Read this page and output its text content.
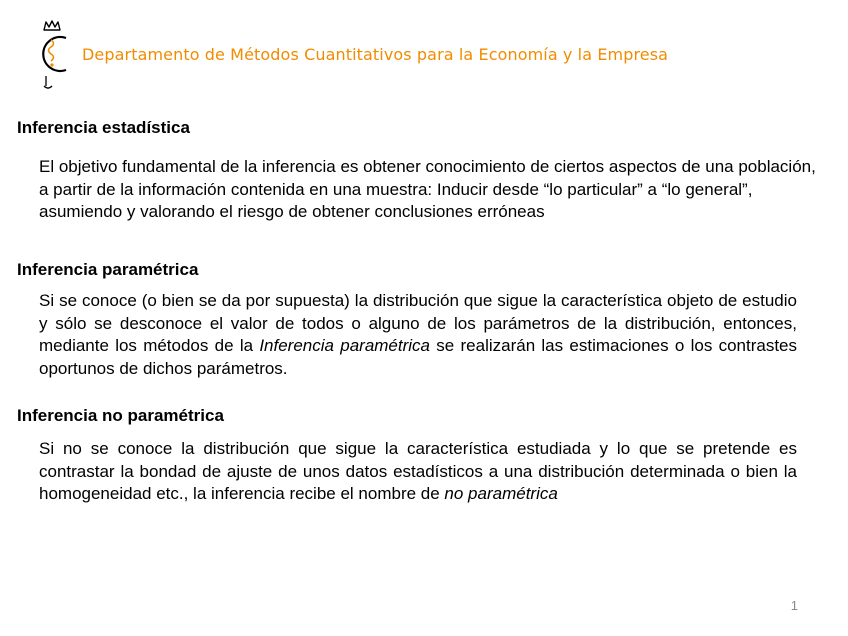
Departamento de Métodos Cuantitativos para la Economía y la Empresa
Inferencia estadística

El objetivo fundamental de la inferencia es obtener conocimiento de ciertos aspectos de una población, a partir de la información contenida en una muestra: Inducir desde “lo particular” a “lo general”, asumiendo y valorando el riesgo de obtener conclusiones erróneas

Inferencia paramétrica

Si se conoce (o bien se da por supuesta) la distribución que sigue la característica objeto de estudio y sólo se desconoce el valor de todos o alguno de los parámetros de la distribución, entonces, mediante los métodos de la Inferencia paramétrica se realizarán las estimaciones o los contrastes oportunos de dichos parámetros.

Inferencia no paramétrica

Si no se conoce la distribución que sigue la característica estudiada y lo que se pretende es contrastar la bondad de ajuste de unos datos estadísticos a una distribución determinada o bien la homogeneidad etc., la inferencia recibe el nombre de no paramétrica

1
